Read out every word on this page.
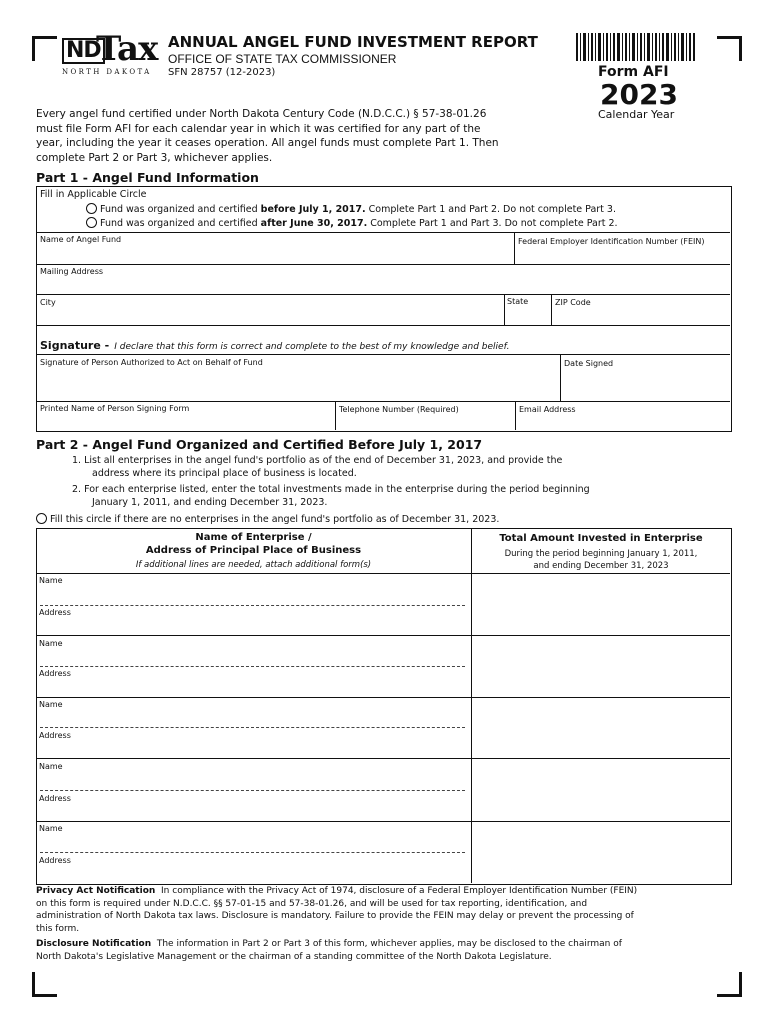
ND
Tax
NORTH DAKOTA
ANNUAL ANGEL FUND INVESTMENT REPORT
OFFICE OF STATE TAX COMMISSIONER
SFN 28757 (12-2023)	Form AFI
2023
Calendar Year
Every angel fund certified under North Dakota Century Code (N.D.C.C.) § 57-38-01.26
must file Form AFI for each calendar year in which it was certified for any part of the
year, including the year it ceases operation. All angel funds must complete Part 1. Then
complete Part 2 or Part 3, whichever applies.
Part 1 - Angel Fund Information
Fill in Applicable Circle
Fund was organized and certified before July 1, 2017. Complete Part 1 and Part 2. Do not complete Part 3.
Fund was organized and certified after June 30, 2017. Complete Part 1 and Part 3. Do not complete Part 2.
Name of Angel Fund	Federal Employer Identification Number (FEIN)
Mailing Address
City	State	ZIP Code
Signature - I declare that this form is correct and complete to the best of my knowledge and belief.
Signature of Person Authorized to Act on Behalf of Fund	Date Signed
Printed Name of Person Signing Form	Telephone Number (Required)	Email Address
Part 2 - Angel Fund Organized and Certified Before July 1, 2017
1. List all enterprises in the angel fund's portfolio as of the end of December 31, 2023, and provide the
address where its principal place of business is located.
2. For each enterprise listed, enter the total investments made in the enterprise during the period beginning
January 1, 2011, and ending December 31, 2023.
Fill this circle if there are no enterprises in the angel fund's portfolio as of December 31, 2023.
Name of Enterprise /
Address of Principal Place of Business
If additional lines are needed, attach additional form(s)
Total Amount Invested in Enterprise
During the period beginning January 1, 2011,
and ending December 31, 2023
Name
Address
Name
Address
Name
Address
Name
Address
Name
Address
Privacy Act Notification In compliance with the Privacy Act of 1974, disclosure of a Federal Employer Identification Number (FEIN)
on this form is required under N.D.C.C. §§ 57-01-15 and 57-38-01.26, and will be used for tax reporting, identification, and
administration of North Dakota tax laws. Disclosure is mandatory. Failure to provide the FEIN may delay or prevent the processing of
this form.
Disclosure Notification The information in Part 2 or Part 3 of this form, whichever applies, may be disclosed to the chairman of
North Dakota's Legislative Management or the chairman of a standing committee of the North Dakota Legislature.
